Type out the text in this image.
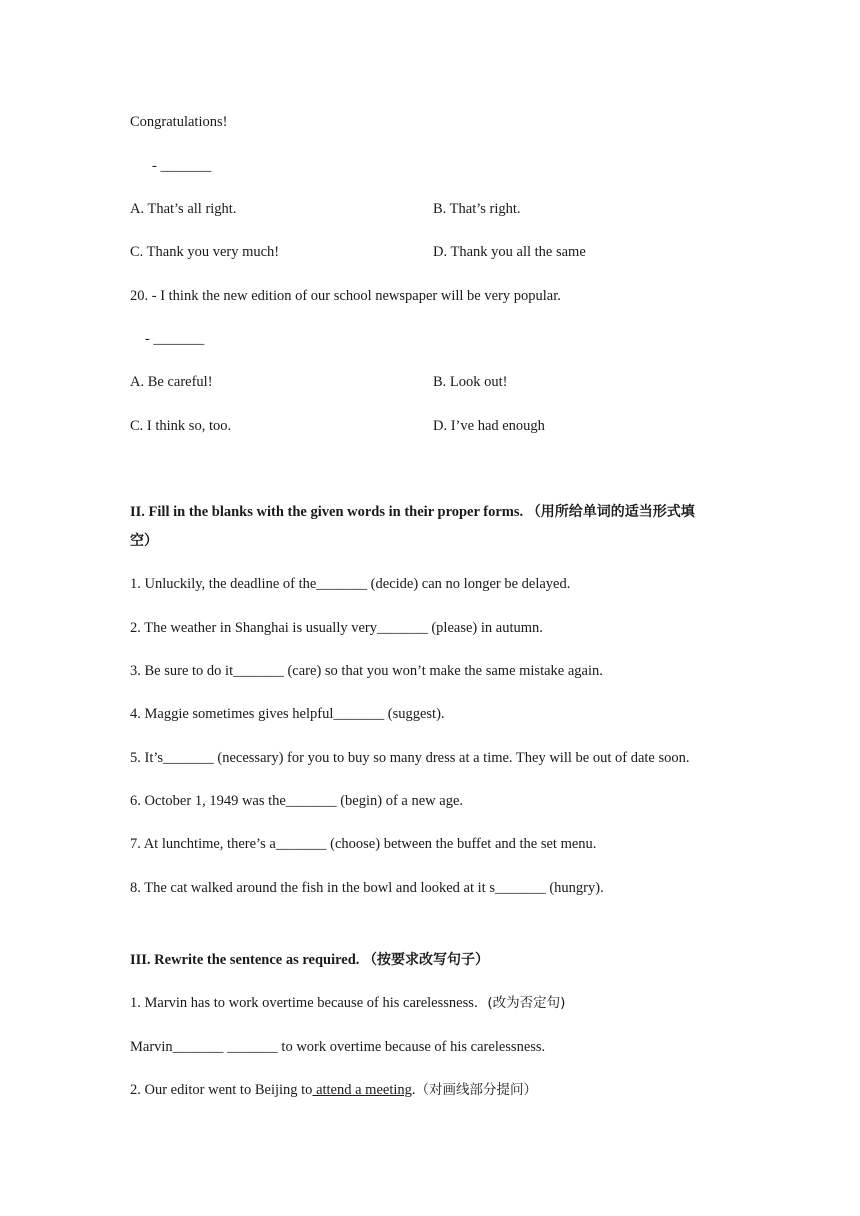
Congratulations!
- _______
A. That’s all right.	B. That’s right.
C. Thank you very much!	D. Thank you all the same
20. - I think the new edition of our school newspaper will be very popular.
- _______
A. Be careful!	B. Look out!
C. I think so, too.	D. I’ve had enough
II. Fill in the blanks with the given words in their proper forms. （用所给单词的适当形式填
空）
1. Unluckily, the deadline of the_______ (decide) can no longer be delayed.
2. The weather in Shanghai is usually very_______ (please) in autumn.
3. Be sure to do it_______ (care) so that you won’t make the same mistake again.
4. Maggie sometimes gives helpful_______ (suggest).
5. It’s_______ (necessary) for you to buy so many dress at a time. They will be out of date soon.
6. October 1, 1949 was the_______ (begin) of a new age.
7. At lunchtime, there’s a_______ (choose) between the buffet and the set menu.
8. The cat walked around the fish in the bowl and looked at it s_______ (hungry).
III. Rewrite the sentence as required. （按要求改写句子）
1. Marvin has to work overtime because of his carelessness．(改为否定句)
Marvin_______ _______ to work overtime because of his carelessness.
2. Our editor went to Beijing to attend a meeting.（对画线部分提问）
